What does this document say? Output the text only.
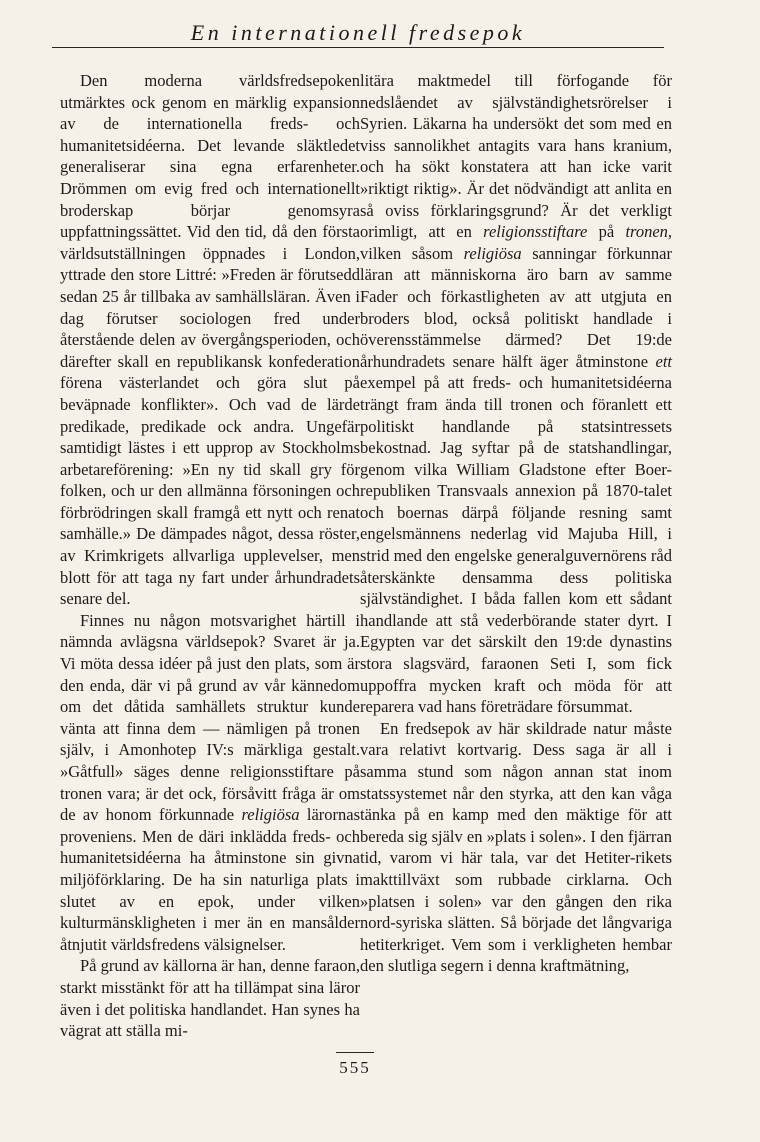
En internationell fredsepok

Den moderna världsfredsepoken utmärktes ock genom en märklig expansion av de internationella freds- och humanitetsidéerna. Det levande släktledet generaliserar sina egna erfarenheter. Drömmen om evig fred och internationellt broderskap börjar genomsyra uppfattningssättet. Vid den tid, då den första världsutställningen öppnades i London, yttrade den store Littré: »Freden är förutsedd sedan 25 år tillbaka av samhällsläran. Även i dag förutser sociologen fred under återstående delen av övergångsperioden, och därefter skall en republikansk konfederation förena västerlandet och göra slut på beväpnade konflikter». Och vad de lärde predikade, predikade ock andra. Ungefär samtidigt lästes i ett upprop av Stockholms arbetareförening: »En ny tid skall gry för folken, och ur den allmänna försoningen och förbrödringen skall framgå ett nytt och renat samhälle.» De dämpades något, dessa röster, av Krimkrigets allvarliga upplevelser, men blott för att taga ny fart under århundradets senare del.

Finnes nu någon motsvarighet härtill i nämnda avlägsna världsepok? Svaret är ja. Vi möta dessa idéer på just den plats, som är den enda, där vi på grund av vår kännedom om det dåtida samhällets struktur kunde vänta att finna dem — nämligen på tronen själv, i Amonhotep IV:s märkliga gestalt. »Gåtfull» säges denne religionsstiftare på tronen vara; är det ock, försåvitt fråga är om de av honom förkunnade religiösa lärornas proveniens. Men de däri inklädda freds- och humanitetsidéerna ha åtminstone sin givna miljöförklaring. De ha sin naturliga plats i slutet av en epok, under vilken kulturmänskligheten i mer än en mansålder åtnjutit världsfredens välsignelser.

På grund av källorna är han, denne faraon, starkt misstänkt för att ha tillämpat sina läror även i det politiska handlandet. Han synes ha vägrat att ställa mi-

litära maktmedel till förfogande för nedslåendet av självständighetsrörelser i Syrien. Läkarna ha undersökt det som med en viss sannolikhet antagits vara hans kranium, och ha sökt konstatera att han icke varit »riktigt riktig». Är det nödvändigt att anlita en så oviss förklaringsgrund? Är det verkligt orimligt, att en religionsstiftare på tronen, vilken såsom religiösa sanningar förkunnar läran att människorna äro barn av samme Fader och förkastligheten av att utgjuta en broders blod, också politiskt handlade i överensstämmelse därmed? Det 19:de århundradets senare hälft äger åtminstone ett exempel på att freds- och humanitetsidéerna trängt fram ända till tronen och föranlett ett politiskt handlande på statsintressets bekostnad. Jag syftar på de statshandlingar, genom vilka William Gladstone efter Boer-republiken Transvaals annexion på 1870-talet och boernas därpå följande resning samt engelsmännens nederlag vid Majuba Hill, i strid med den engelske generalguvernörens råd återskänkte densamma dess politiska självständighet. I båda fallen kom ett sådant handlande att stå vederbörande stater dyrt. I Egypten var det särskilt den 19:de dynastins stora slagsvärd, faraonen Seti I, som fick uppoffra mycken kraft och möda för att reparera vad hans företrädare försummat.

En fredsepok av här skildrade natur måste vara relativt kortvarig. Dess saga är all i samma stund som någon annan stat inom statssystemet når den styrka, att den kan våga tänka på en kamp med den mäktige för att bereda sig själv en »plats i solen». I den fjärran tid, varom vi här tala, var det Hetiter-rikets makttillväxt som rubbade cirklarna. Och »platsen i solen» var den gången den rika nord-syriska slätten. Så började det långvariga hetiterkriget. Vem som i verkligheten hembar den slutliga segern i denna kraftmätning,

555
